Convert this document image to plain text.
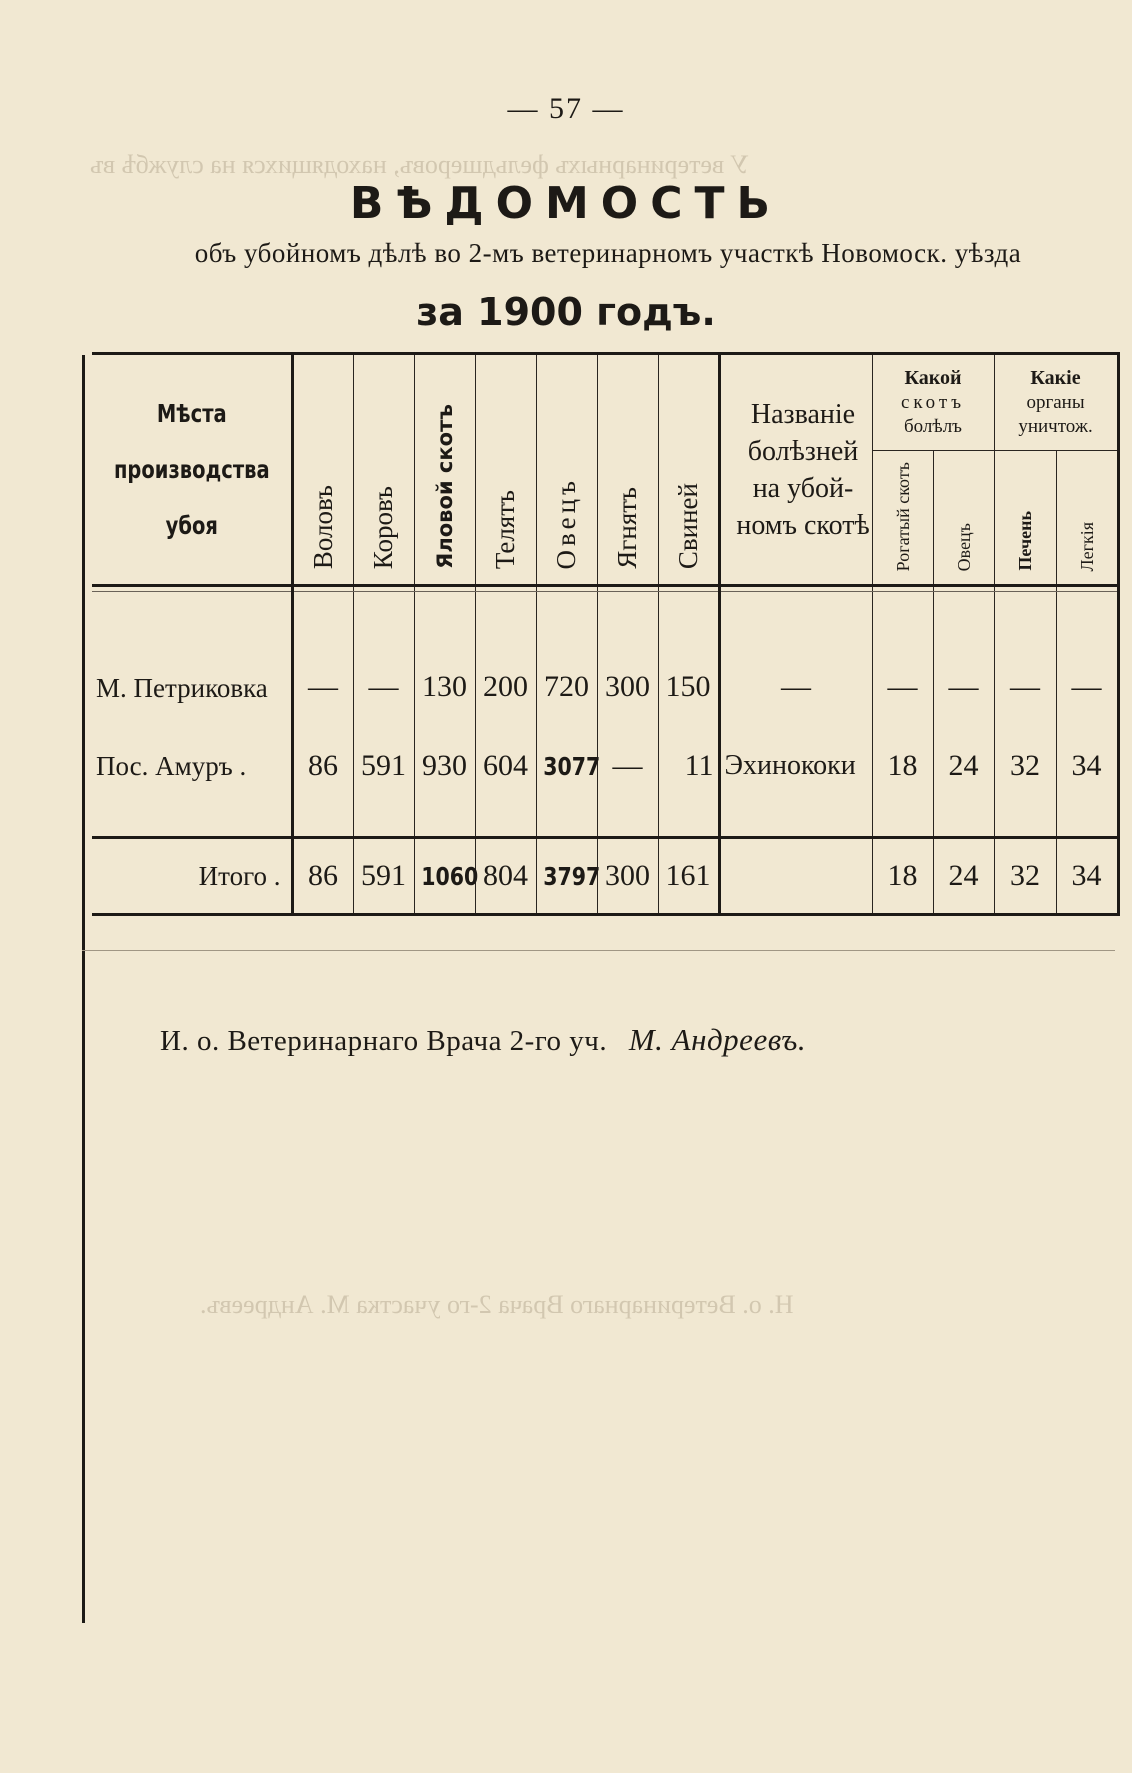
У ветеринарныхъ фельдшеровъ, находящихся на службѣ въ
Н. о. Ветеринарнаго Врача 2-го участка М. Андреевъ.
— 57 —
ВѢДОМОСТЬ
объ убойномъ дѣлѣ во 2-мъ ветеринарномъ участкѣ Новомоск. уѣзда
за 1900 годъ.
Мѣста
производства
убоя	Воловъ	Коровъ	Яловой скотъ	Телятъ	Овецъ	Ягнятъ	Свиней	Названіе
болѣзней
на убой-
номъ скотѣ	Какой
скотъ
болѣлъ		Какіе
органы
уничтож.	
									Рогатый скотъ	Овецъ	Печень	Легкія

М. Петриковка	—	—	130	200	720	300	150	—	—	—	—	—
Пос. Амуръ .	86	591	930	604	3077	—	11	Эхинококи	18	24	32	34

Итого .	86	591	1060	804	3797	300	161		18	24	32	34
И. о. Ветеринарнаго Врача 2-го уч. М. Андреевъ.
